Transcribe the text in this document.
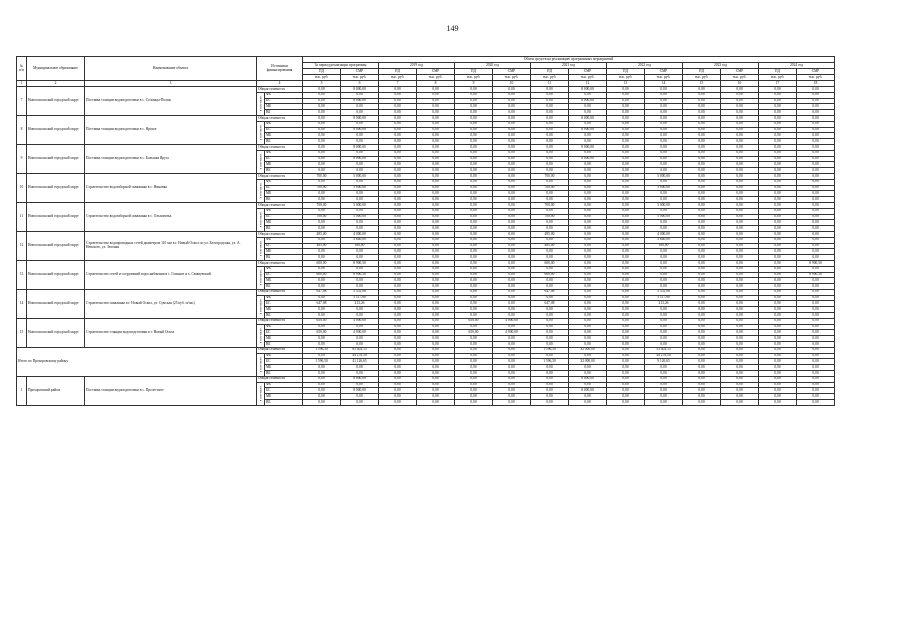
149
№ п/п	Муниципальное образование	Наименование объекта	Источники финансирования		Объем средств на реализацию программных мероприятий													
					За период реализации программы		2019 год		2020 год		2021 год		2022 год		2023 год		2024 год	
					ПД	СМР	ПД	СМР	ПД	СМР	ПД	СМР	ПД	СМР	ПД	СМР	ПД	СМР
					тыс. руб.	тыс. руб.	тыс. руб.	тыс. руб.	тыс. руб.	тыс. руб.	тыс. руб.	тыс. руб.	тыс. руб.	тыс. руб.	тыс. руб.	тыс. руб.	тыс. руб.	тыс. руб.
1	2	3	4		5	6	7	8	9	10	11	12	13	14	15	16	17	18
7	Новооскольский городской округ	Поставка станции водоподготовки в с. Солонцы-Полян	Общая стоимость		0,00	8 000,00	0,00	0,00	0,00	0,00	0,00	8 000,00	0,00	0,00	0,00	0,00	0,00	0,00
			в том числе:	ФБ	0,00	0,00	0,00	0,00	0,00	0,00	0,00	0,00	0,00	0,00	0,00	0,00	0,00	0,00
				БС	0,00	8 000,00	0,00	0,00	0,00	0,00	0,00	8 000,00	0,00	0,00	0,00	0,00	0,00	0,00
				МБ	0,00	0,00	0,00	0,00	0,00	0,00	0,00	0,00	0,00	0,00	0,00	0,00	0,00	0,00
				ВБ	0,00	0,00	0,00	0,00	0,00	0,00	0,00	0,00	0,00	0,00	0,00	0,00	0,00	0,00
8	Новооскольский городской округ	Поставка станции водоподготовки в с. Ярское	Общая стоимость		0,00	8 000,00	0,00	0,00	0,00	0,00	0,00	8 000,00	0,00	0,00	0,00	0,00	0,00	0,00
			в том числе:	ФБ	0,00	0,00	0,00	0,00	0,00	0,00	0,00	0,00	0,00	0,00	0,00	0,00	0,00	0,00
				БС	0,00	8 000,00	0,00	0,00	0,00	0,00	0,00	8 000,00	0,00	0,00	0,00	0,00	0,00	0,00
				МБ	0,00	0,00	0,00	0,00	0,00	0,00	0,00	0,00	0,00	0,00	0,00	0,00	0,00	0,00
				ВБ	0,00	0,00	0,00	0,00	0,00	0,00	0,00	0,00	0,00	0,00	0,00	0,00	0,00	0,00
9	Новооскольский городской округ	Поставка станции водоподготовки в с. Большая Яруга	Общая стоимость		0,00	8 000,00	0,00	0,00	0,00	0,00	0,00	8 000,00	0,00	0,00	0,00	0,00	0,00	0,00
			в том числе:	ФБ	0,00	0,00	0,00	0,00	0,00	0,00	0,00	0,00	0,00	0,00	0,00	0,00	0,00	0,00
				БС	0,00	8 000,00	0,00	0,00	0,00	0,00	0,00	8 000,00	0,00	0,00	0,00	0,00	0,00	0,00
				МБ	0,00	0,00	0,00	0,00	0,00	0,00	0,00	0,00	0,00	0,00	0,00	0,00	0,00	0,00
				ВБ	0,00	0,00	0,00	0,00	0,00	0,00	0,00	0,00	0,00	0,00	0,00	0,00	0,00	0,00
10	Новооскольский городской округ	Строительство водозаборной скважины в с. Ниновка	Общая стоимость		700,00	5 000,00	0,00	0,00	0,00	0,00	700,00	0,00	0,00	5 000,00	0,00	0,00	0,00	0,00
			в том числе:	ФБ	0,00	0,00	0,00	0,00	0,00	0,00	0,00	0,00	0,00	0,00	0,00	0,00	0,00	0,00
				БС	700,00	5 000,00	0,00	0,00	0,00	0,00	700,00	0,00	0,00	5 000,00	0,00	0,00	0,00	0,00
				МБ	0,00	0,00	0,00	0,00	0,00	0,00	0,00	0,00	0,00	0,00	0,00	0,00	0,00	0,00
				ВБ	0,00	0,00	0,00	0,00	0,00	0,00	0,00	0,00	0,00	0,00	0,00	0,00	0,00	0,00
11	Новооскольский городской округ	Строительство водозаборной скважины в с. Ольховатка	Общая стоимость		700,00	5 000,00	0,00	0,00	0,00	0,00	700,00	0,00	0,00	5 000,00	0,00	0,00	0,00	0,00
			в том числе:	ФБ	0,00	0,00	0,00	0,00	0,00	0,00	0,00	0,00	0,00	0,00	0,00	0,00	0,00	0,00
				БС	700,00	5 000,00	0,00	0,00	0,00	0,00	700,00	0,00	0,00	5 000,00	0,00	0,00	0,00	0,00
				МБ	0,00	0,00	0,00	0,00	0,00	0,00	0,00	0,00	0,00	0,00	0,00	0,00	0,00	0,00
				ВБ	0,00	0,00	0,00	0,00	0,00	0,00	0,00	0,00	0,00	0,00	0,00	0,00	0,00	0,00
12	Новооскольский городской округ	Строительство водопроводных сетей диаметром 110 мм в г. Новый Оскол по ул. Белгородская, ул. А. Невского, ул. Зеленая	Общая стоимость		485,00	4 000,00	0,00	0,00	0,00	0,00	485,00	0,00	0,00	4 000,00	0,00	0,00	0,00	0,00
			в том числе:	ФБ	0,00	3 840,00	0,00	0,00	0,00	0,00	0,00	0,00	0,00	3 840,00	0,00	0,00	0,00	0,00
				БС	485,00	160,00	0,00	0,00	0,00	0,00	485,00	0,00	0,00	160,00	0,00	0,00	0,00	0,00
				МБ	0,00	0,00	0,00	0,00	0,00	0,00	0,00	0,00	0,00	0,00	0,00	0,00	0,00	0,00
				ВБ	0,00	0,00	0,00	0,00	0,00	0,00	0,00	0,00	0,00	0,00	0,00	0,00	0,00	0,00
13	Новооскольский городской округ	Строительство сетей и сооружений водоснабжения в с. Глинное и х. Свищевский	Общая стоимость		600,00	8 900,50	0,00	0,00	0,00	0,00	600,00	0,00	0,00	0,00	0,00	0,00	0,00	8 900,50
			в том числе:	ФБ	0,00	0,00	0,00	0,00	0,00	0,00	0,00	0,00	0,00	0,00	0,00	0,00	0,00	0,00
				БС	600,00	8 900,50	0,00	0,00	0,00	0,00	600,00	0,00	0,00	0,00	0,00	0,00	0,00	8 900,50
				МБ	0,00	0,00	0,00	0,00	0,00	0,00	0,00	0,00	0,00	0,00	0,00	0,00	0,00	0,00
				ВБ	0,00	0,00	0,00	0,00	0,00	0,00	0,00	0,00	0,00	0,00	0,00	0,00	0,00	0,00
14	Новооскольский городской округ	Строительство скважины в г. Новый Оскол, ул. Сумская (25 куб. м/час)	Общая стоимость		647,08	5 331,06	0,00	0,00	0,00	0,00	647,08	0,00	0,00	5 331,06	0,00	0,00	0,00	0,00
			в том числе:	ФБ	0,00	5 117,80	0,00	0,00	0,00	0,00	0,00	0,00	0,00	5 117,80	0,00	0,00	0,00	0,00
				БС	647,08	213,26	0,00	0,00	0,00	0,00	647,08	0,00	0,00	213,26	0,00	0,00	0,00	0,00
				МБ	0,00	0,00	0,00	0,00	0,00	0,00	0,00	0,00	0,00	0,00	0,00	0,00	0,00	0,00
				ВБ	0,00	0,00	0,00	0,00	0,00	0,00	0,00	0,00	0,00	0,00	0,00	0,00	0,00	0,00
15	Новооскольский городской округ	Строительство станции водоподготовки в г. Новый Оскол	Общая стоимость		650,00	4 000,00	0,00	0,00	650,00	4 000,00	0,00	0,00	0,00	0,00	0,00	0,00	0,00	0,00
			в том числе:	ФБ	0,00	0,00	0,00	0,00	0,00	0,00	0,00	0,00	0,00	0,00	0,00	0,00	0,00	0,00
				БС	650,00	4 000,00	0,00	0,00	650,00	4 000,00	0,00	0,00	0,00	0,00	0,00	0,00	0,00	0,00
				МБ	0,00	0,00	0,00	0,00	0,00	0,00	0,00	0,00	0,00	0,00	0,00	0,00	0,00	0,00
				ВБ	0,00	0,00	0,00	0,00	0,00	0,00	0,00	0,00	0,00	0,00	0,00	0,00	0,00	0,00
Итого по Прохоровскому району			Общая стоимость		1 596,50	85 403,15	0,00	0,00	0,00	0,00	1 596,50	32 000,00	0,00	53 403,15	0,00	0,00	0,00	0,00
			в том числе:	ФБ	0,00	44 276,50	0,00	0,00	0,00	0,00	0,00	0,00	0,00	44 276,50	0,00	0,00	0,00	0,00
				БС	1 596,50	41 126,65	0,00	0,00	0,00	0,00	1 596,50	32 000,00	0,00	9 126,65	0,00	0,00	0,00	0,00
				МБ	0,00	0,00	0,00	0,00	0,00	0,00	0,00	0,00	0,00	0,00	0,00	0,00	0,00	0,00
				ВБ	0,00	0,00	0,00	0,00	0,00	0,00	0,00	0,00	0,00	0,00	0,00	0,00	0,00	0,00
1	Прохоровский район	Поставка станции водоподготовки в с. Прелестное	Общая стоимость		0,00	8 000,00	0,00	0,00	0,00	0,00	0,00	8 000,00	0,00	0,00	0,00	0,00	0,00	0,00
			в том числе:	ФБ	0,00	0,00	0,00	0,00	0,00	0,00	0,00	0,00	0,00	0,00	0,00	0,00	0,00	0,00
				БС	0,00	8 000,00	0,00	0,00	0,00	0,00	0,00	8 000,00	0,00	0,00	0,00	0,00	0,00	0,00
				МБ	0,00	0,00	0,00	0,00	0,00	0,00	0,00	0,00	0,00	0,00	0,00	0,00	0,00	0,00
				ВБ	0,00	0,00	0,00	0,00	0,00	0,00	0,00	0,00	0,00	0,00	0,00	0,00	0,00	0,00
